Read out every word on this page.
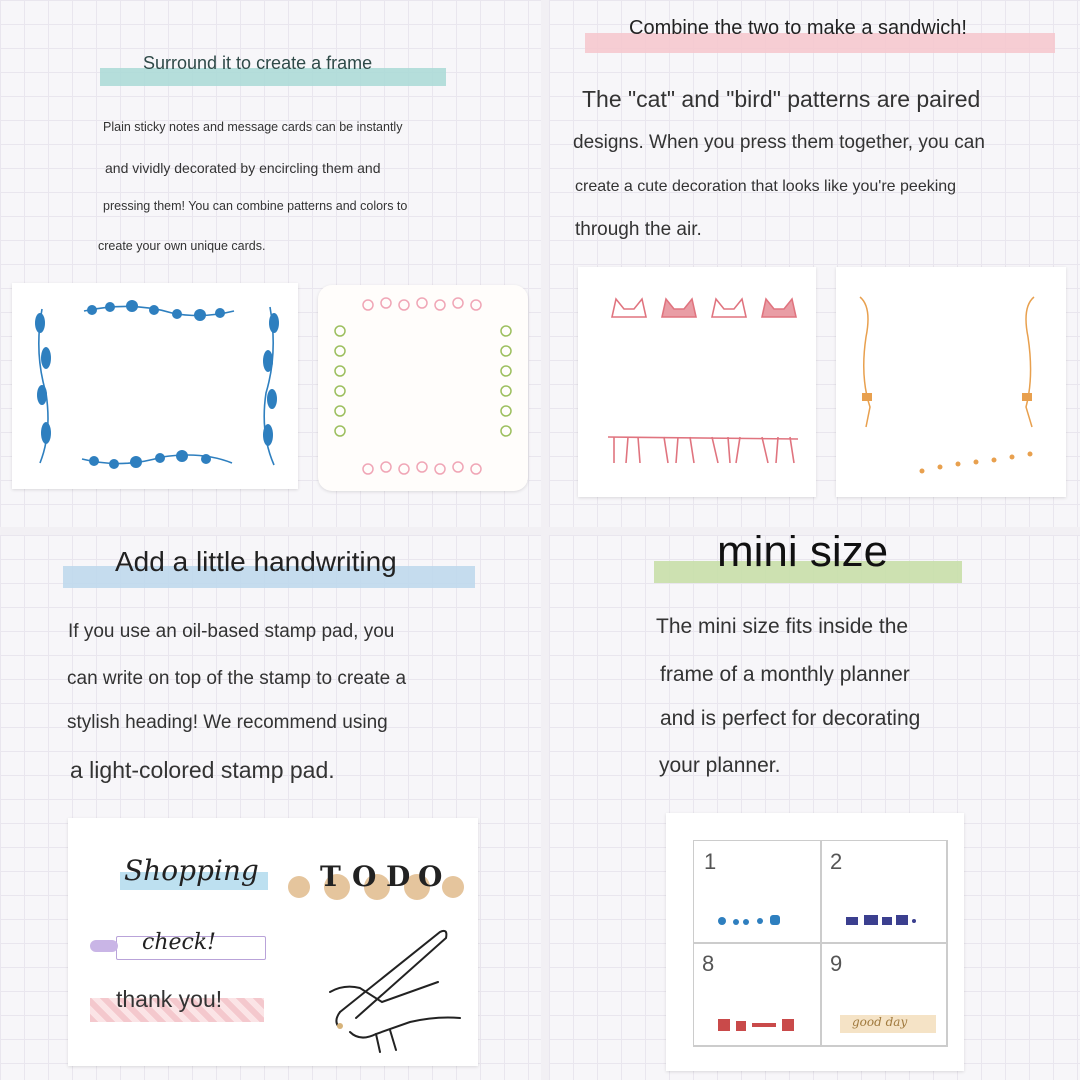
Surround it to create a frame
Plain sticky notes and message cards can be instantly
and vividly decorated by encircling them and
pressing them! You can combine patterns and colors to
create your own unique cards.
Combine the two to make a sandwich!
The "cat" and "bird" patterns are paired
designs. When you press them together, you can
create a cute decoration that looks like you're peeking
through the air.
Add a little handwriting
If you use an oil-based stamp pad, you
can write on top of the stamp to create a
stylish heading! We recommend using
a light-colored stamp pad.
Shopping T O D O
check!
thank you!
mini size
The mini size fits inside the
frame of a monthly planner
and is perfect for decorating
your planner.
1	2
8	9
good day
